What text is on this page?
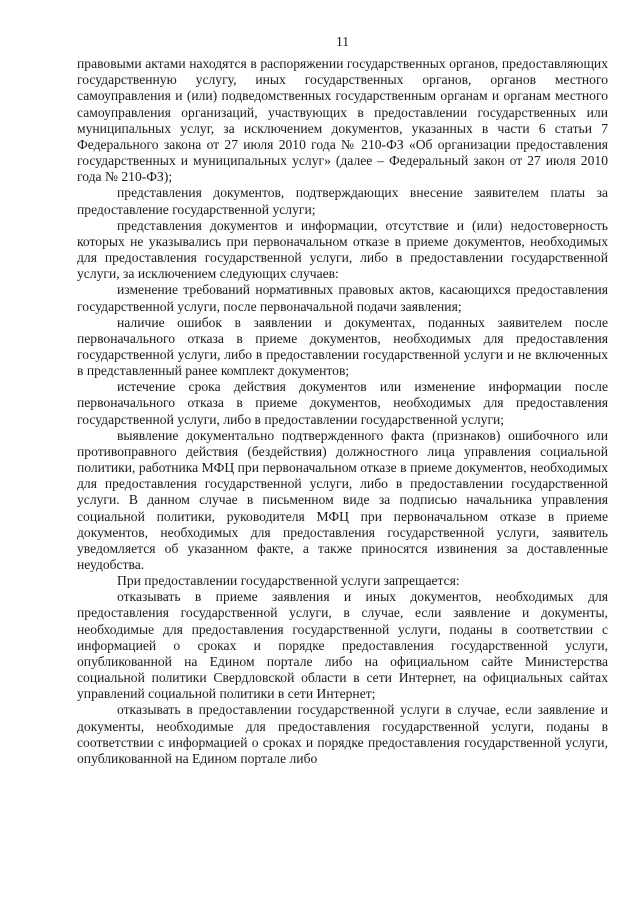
11

правовыми актами находятся в распоряжении государственных органов, предоставляющих государственную услугу, иных государственных органов, органов местного самоуправления и (или) подведомственных государственным органам и органам местного самоуправления организаций, участвующих в предоставлении государственных или муниципальных услуг, за исключением документов, указанных в части 6 статьи 7 Федерального закона от 27 июля 2010 года № 210-ФЗ «Об организации предоставления государственных и муниципальных услуг» (далее – Федеральный закон от 27 июля 2010 года № 210-ФЗ);

представления документов, подтверждающих внесение заявителем платы за предоставление государственной услуги;

представления документов и информации, отсутствие и (или) недостоверность которых не указывались при первоначальном отказе в приеме документов, необходимых для предоставления государственной услуги, либо в предоставлении государственной услуги, за исключением следующих случаев:

изменение требований нормативных правовых актов, касающихся предоставления государственной услуги, после первоначальной подачи заявления;

наличие ошибок в заявлении и документах, поданных заявителем после первоначального отказа в приеме документов, необходимых для предоставления государственной услуги, либо в предоставлении государственной услуги и не включенных в представленный ранее комплект документов;

истечение срока действия документов или изменение информации после первоначального отказа в приеме документов, необходимых для предоставления государственной услуги, либо в предоставлении государственной услуги;

выявление документально подтвержденного факта (признаков) ошибочного или противоправного действия (бездействия) должностного лица управления социальной политики, работника МФЦ при первоначальном отказе в приеме документов, необходимых для предоставления государственной услуги, либо в предоставлении государственной услуги. В данном случае в письменном виде за подписью начальника управления социальной политики, руководителя МФЦ при первоначальном отказе в приеме документов, необходимых для предоставления государственной услуги, заявитель уведомляется об указанном факте, а также приносятся извинения за доставленные неудобства.

При предоставлении государственной услуги запрещается:

отказывать в приеме заявления и иных документов, необходимых для предоставления государственной услуги, в случае, если заявление и документы, необходимые для предоставления государственной услуги, поданы в соответствии с информацией о сроках и порядке предоставления государственной услуги, опубликованной на Едином портале либо на официальном сайте Министерства социальной политики Свердловской области в сети Интернет, на официальных сайтах управлений социальной политики в сети Интернет;

отказывать в предоставлении государственной услуги в случае, если заявление и документы, необходимые для предоставления государственной услуги, поданы в соответствии с информацией о сроках и порядке предоставления государственной услуги, опубликованной на Едином портале либо
